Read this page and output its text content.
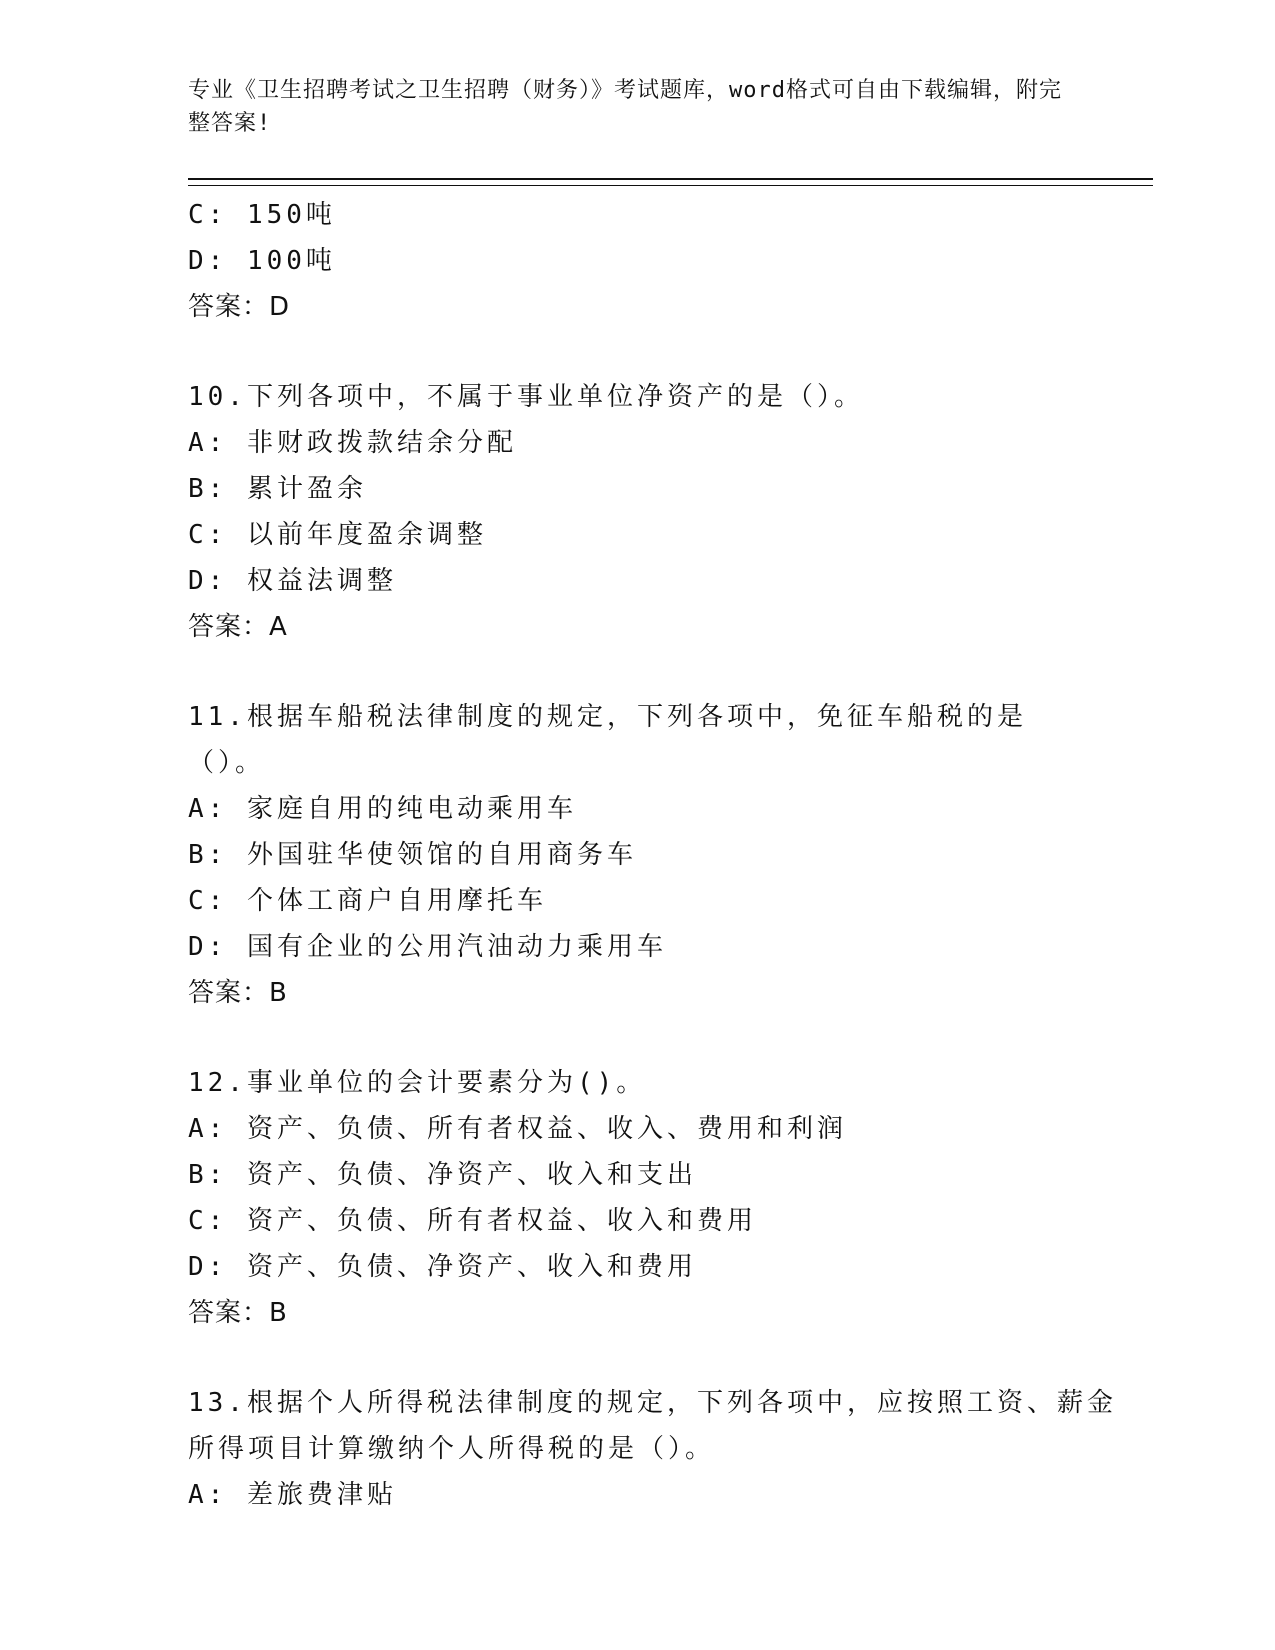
专业《卫生招聘考试之卫生招聘（财务）》考试题库，word格式可自由下载编辑，附完整答案!
C: 150吨
D: 100吨
答案：D
10.下列各项中，不属于事业单位净资产的是（）。
A: 非财政拨款结余分配
B: 累计盈余
C: 以前年度盈余调整
D: 权益法调整
答案：A
11.根据车船税法律制度的规定，下列各项中，免征车船税的是（）。
A: 家庭自用的纯电动乘用车
B: 外国驻华使领馆的自用商务车
C: 个体工商户自用摩托车
D: 国有企业的公用汽油动力乘用车
答案：B
12.事业单位的会计要素分为()。
A: 资产、负债、所有者权益、收入、费用和利润
B: 资产、负债、净资产、收入和支出
C: 资产、负债、所有者权益、收入和费用
D: 资产、负债、净资产、收入和费用
答案：B
13.根据个人所得税法律制度的规定，下列各项中，应按照工资、薪金
所得项目计算缴纳个人所得税的是（）。
A: 差旅费津贴
